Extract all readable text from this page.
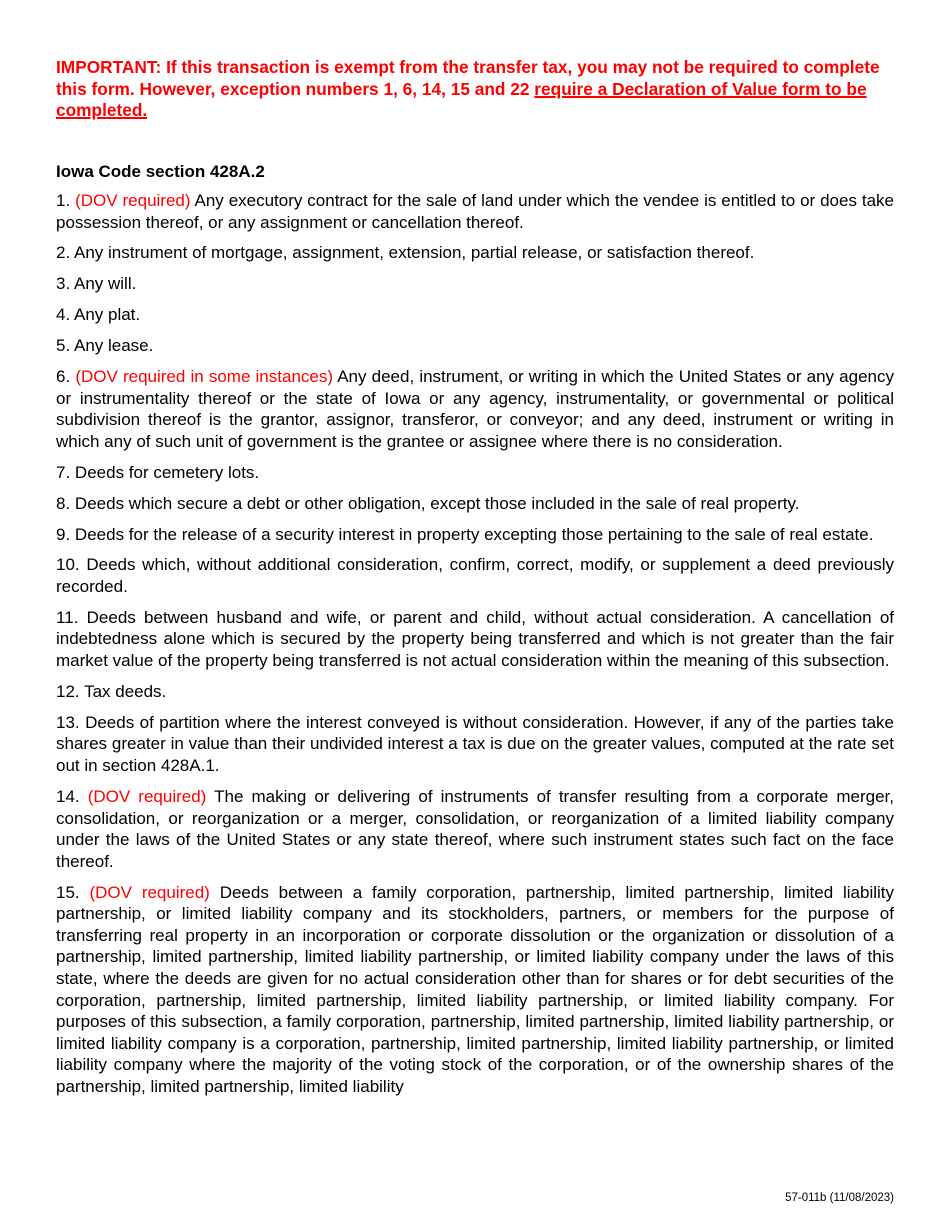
IMPORTANT: If this transaction is exempt from the transfer tax, you may not be required to complete this form. However, exception numbers 1, 6, 14, 15 and 22 require a Declaration of Value form to be completed.

Iowa Code section 428A.2

1. (DOV required) Any executory contract for the sale of land under which the vendee is entitled to or does take possession thereof, or any assignment or cancellation thereof.

2. Any instrument of mortgage, assignment, extension, partial release, or satisfaction thereof.

3. Any will.

4. Any plat.

5. Any lease.

6. (DOV required in some instances) Any deed, instrument, or writing in which the United States or any agency or instrumentality thereof or the state of Iowa or any agency, instrumentality, or governmental or political subdivision thereof is the grantor, assignor, transferor, or conveyor; and any deed, instrument or writing in which any of such unit of government is the grantee or assignee where there is no consideration.

7. Deeds for cemetery lots.

8. Deeds which secure a debt or other obligation, except those included in the sale of real property.

9. Deeds for the release of a security interest in property excepting those pertaining to the sale of real estate.

10. Deeds which, without additional consideration, confirm, correct, modify, or supplement a deed previously recorded.

11. Deeds between husband and wife, or parent and child, without actual consideration. A cancellation of indebtedness alone which is secured by the property being transferred and which is not greater than the fair market value of the property being transferred is not actual consideration within the meaning of this subsection.

12. Tax deeds.

13. Deeds of partition where the interest conveyed is without consideration. However, if any of the parties take shares greater in value than their undivided interest a tax is due on the greater values, computed at the rate set out in section 428A.1.

14. (DOV required) The making or delivering of instruments of transfer resulting from a corporate merger, consolidation, or reorganization or a merger, consolidation, or reorganization of a limited liability company under the laws of the United States or any state thereof, where such instrument states such fact on the face thereof.

15. (DOV required) Deeds between a family corporation, partnership, limited partnership, limited liability partnership, or limited liability company and its stockholders, partners, or members for the purpose of transferring real property in an incorporation or corporate dissolution or the organization or dissolution of a partnership, limited partnership, limited liability partnership, or limited liability company under the laws of this state, where the deeds are given for no actual consideration other than for shares or for debt securities of the corporation, partnership, limited partnership, limited liability partnership, or limited liability company. For purposes of this subsection, a family corporation, partnership, limited partnership, limited liability partnership, or limited liability company is a corporation, partnership, limited partnership, limited liability partnership, or limited liability company where the majority of the voting stock of the corporation, or of the ownership shares of the partnership, limited partnership, limited liability

57-011b (11/08/2023)
